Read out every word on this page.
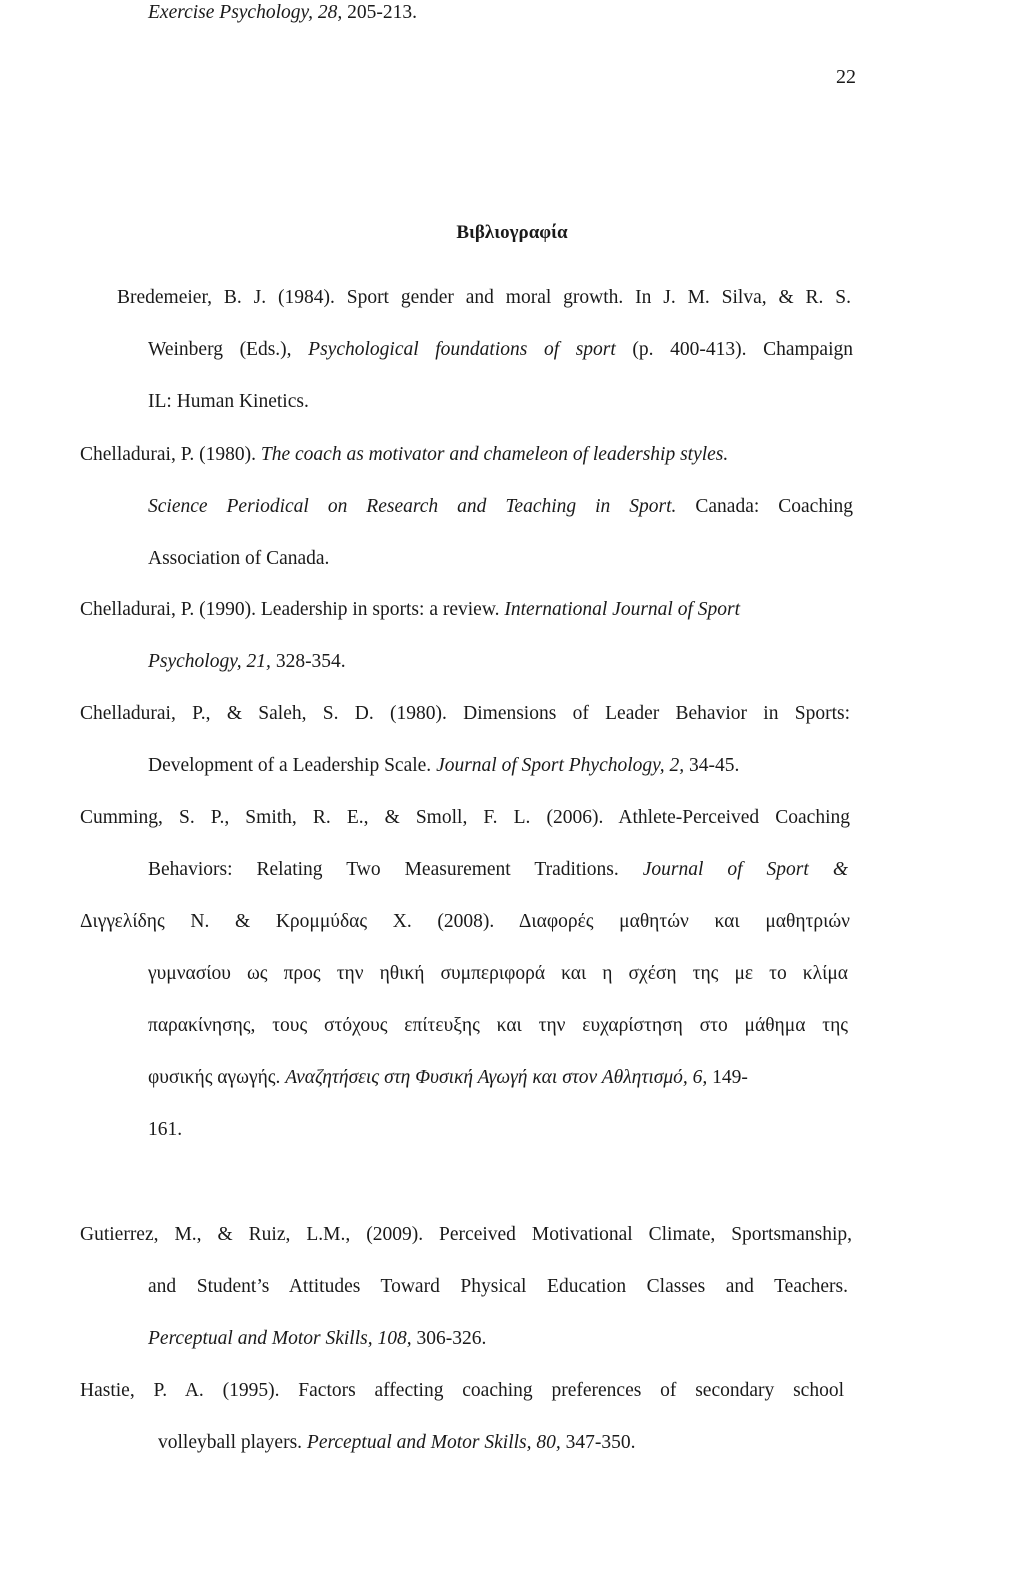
22
Βιβλιογραφία
Bredemeier, B. J. (1984). Sport gender and moral growth. In J. M. Silva, & R. S.
Weinberg (Eds.), Psychological foundations of sport (p. 400-413). Champaign
IL: Human Kinetics.
Chelladurai, P. (1980). The coach as motivator and chameleon of leadership styles.
Science Periodical on Research and Teaching in Sport. Canada: Coaching
Association of Canada.
Chelladurai, P. (1990). Leadership in sports: a review. International Journal of Sport
Psychology, 21, 328-354.
Chelladurai, P., & Saleh, S. D. (1980). Dimensions of Leader Behavior in Sports:
Development of a Leadership Scale. Journal of Sport Phychology, 2, 34-45.
Cumming, S. P., Smith, R. E., & Smoll, F. L. (2006). Athlete-Perceived Coaching
Behaviors: Relating Two Measurement Traditions. Journal of Sport &
Exercise Psychology, 28, 205-213.
Διγγελίδης Ν. & Κρομμύδας Χ. (2008). Διαφορές μαθητών και μαθητριών
γυμνασίου ως προς την ηθική συμπεριφορά και η σχέση της με το κλίμα
παρακίνησης, τους στόχους επίτευξης και την ευχαρίστηση στο μάθημα της
φυσικής αγωγής. Αναζητήσεις στη Φυσική Αγωγή και στον Αθλητισμό, 6, 149-
161.
Gutierrez, M., & Ruiz, L.M., (2009). Perceived Motivational Climate, Sportsmanship,
and Student’s Attitudes Toward Physical Education Classes and Teachers.
Perceptual and Motor Skills, 108, 306-326.
Hastie, P. A. (1995). Factors affecting coaching preferences of secondary school
volleyball players. Perceptual and Motor Skills, 80, 347-350.
